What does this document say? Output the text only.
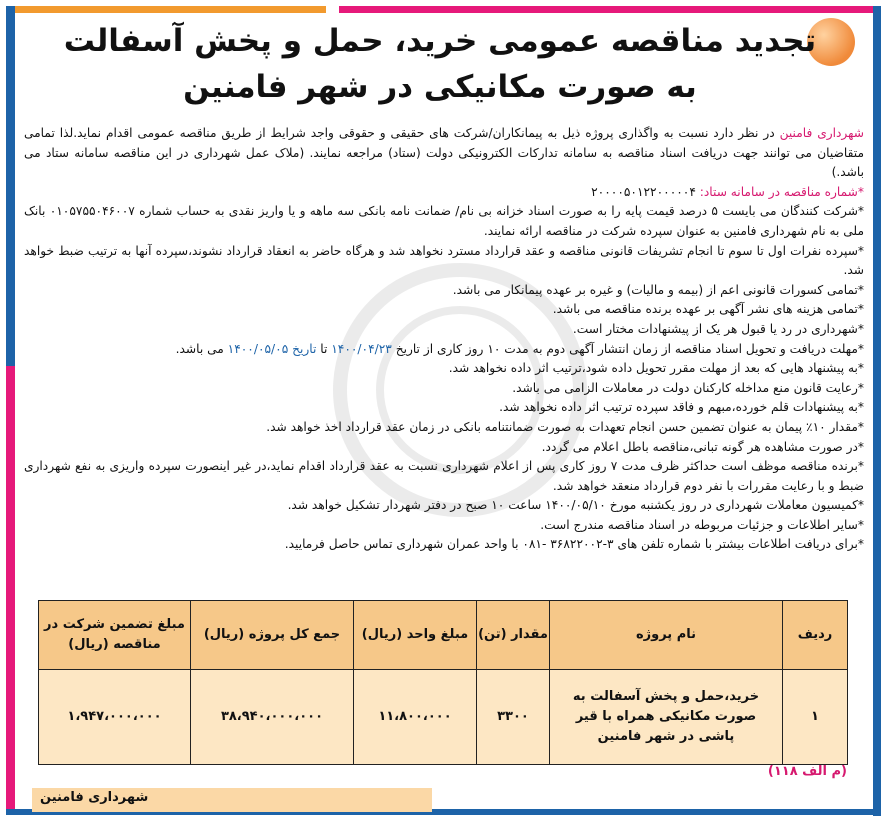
تجدید مناقصه عمومی خرید، حمل و پخش آسفالت
به صورت مکانیکی در شهر فامنین

شهرداری فامنین در نظر دارد نسبت به واگذاری پروژه ذیل به پیمانکاران/شرکت های حقیقی و حقوقی واجد شرایط از طریق مناقصه عمومی اقدام نماید.لذا تمامی متقاضیان می توانند جهت دریافت اسناد مناقصه به سامانه تدارکات الکترونیکی دولت (ستاد) مراجعه نمایند. (ملاک عمل شهرداری در این مناقصه سامانه ستاد می باشد.)

*شماره مناقصه در سامانه ستاد: ۲۰۰۰۰۵۰۱۲۲۰۰۰۰۰۴

*شرکت کنندگان می بایست ۵ درصد قیمت پایه را به صورت اسناد خزانه بی نام/ ضمانت نامه بانکی سه ماهه و یا واریز نقدی به حساب شماره ۰۱۰۵۷۵۵۰۴۶۰۰۷ بانک ملی به نام شهرداری فامنین به عنوان سپرده شرکت در مناقصه ارائه نمایند.

*سپرده نفرات اول تا سوم تا انجام تشریفات قانونی مناقصه و عقد قرارداد مسترد نخواهد شد و هرگاه حاضر به انعقاد قرارداد نشوند،سپرده آنها به ترتیب ضبط خواهد شد.

*تمامی کسورات قانونی اعم از (بیمه و مالیات) و غیره بر عهده پیمانکار می باشد.

*تمامی هزینه های نشر آگهی بر عهده برنده مناقصه می باشد.

*شهرداری در رد یا قبول هر یک از پیشنهادات مختار است.

*مهلت دریافت و تحویل اسناد مناقصه از زمان انتشار آگهی دوم به مدت ۱۰ روز کاری از تاریخ ۱۴۰۰/۰۴/۲۳ تا تاریخ ۱۴۰۰/۰۵/۰۵ می باشد.

*به پیشنهاد هایی که بعد از مهلت مقرر تحویل داده شود،ترتیب اثر داده نخواهد شد.

*رعایت قانون منع مداخله کارکنان دولت در معاملات الزامی می باشد.

*به پیشنهادات قلم خورده،مبهم و فاقد سپرده ترتیب اثر داده نخواهد شد.

*مقدار ۱۰٪ پیمان به عنوان تضمین حسن انجام تعهدات به صورت ضمانتنامه بانکی در زمان عقد قرارداد اخذ خواهد شد.

*در صورت مشاهده هر گونه تبانی،مناقصه باطل اعلام می گردد.

*برنده مناقصه موظف است حداکثر ظرف مدت ۷ روز کاری پس از اعلام شهرداری نسبت به عقد قرارداد اقدام نماید،در غیر اینصورت سپرده واریزی به نفع شهرداری ضبط و با رعایت مقررات با نفر دوم قرارداد منعقد خواهد شد.

*کمیسیون معاملات شهرداری در روز یکشنبه مورخ ۱۴۰۰/۰۵/۱۰ ساعت ۱۰ صبح در دفتر شهردار تشکیل خواهد شد.

*سایر اطلاعات و جزئیات مربوطه در اسناد مناقصه مندرج است.

*برای دریافت اطلاعات بیشتر با شماره تلفن های ۳-۳۶۸۲۲۰۰۲ -۰۸۱ با واحد عمران شهرداری تماس حاصل فرمایید.

ردیف	نام پروژه	مقدار (تن)	مبلغ واحد (ریال)	جمع کل پروژه (ریال)	مبلغ تضمین شرکت در مناقصه (ریال)
۱	خرید،حمل و پخش آسفالت به صورت مکانیکی همراه با قیر پاشی در شهر فامنین	۳۳۰۰	۱۱،۸۰۰،۰۰۰	۳۸،۹۴۰،۰۰۰،۰۰۰	۱،۹۴۷،۰۰۰،۰۰۰
(م الف ۱۱۸)
شهرداری فامنین
